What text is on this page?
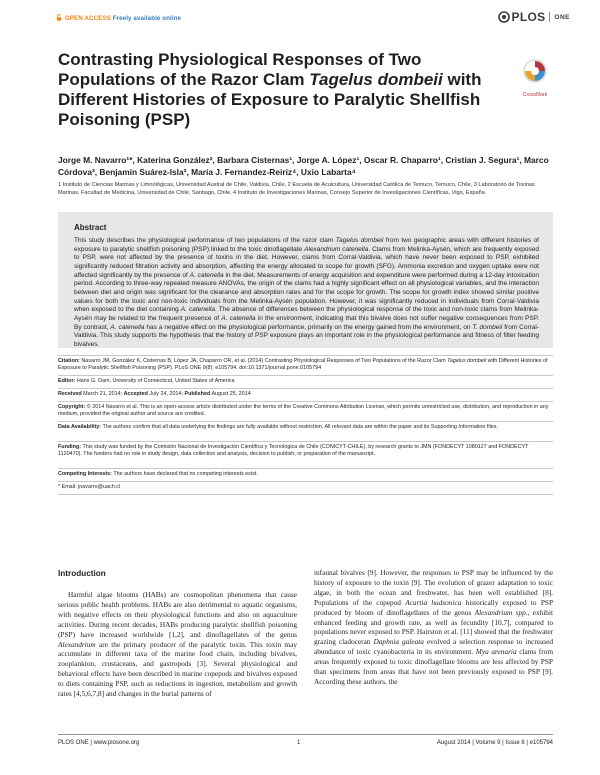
OPEN ACCESS Freely available online	PLOS ONE
Contrasting Physiological Responses of Two Populations of the Razor Clam Tagelus dombeii with Different Histories of Exposure to Paralytic Shellfish Poisoning (PSP)
CrossMark
Jorge M. Navarro¹*, Katerina González², Barbara Cisternas¹, Jorge A. López¹, Oscar R. Chaparro¹, Cristian J. Segura¹, Marco Córdova³, Benjamín Suárez-Isla³, María J. Fernandez-Reiriz⁴, Uxio Labarta⁴
1 Instituto de Ciencias Marinas y Limnológicas, Universidad Austral de Chile, Valdivia, Chile, 2 Escuela de Acuicultura, Universidad Católica de Temuco, Temuco, Chile, 3 Laboratorio de Toxinas Marinas, Facultad de Medicina, Universidad de Chile, Santiago, Chile, 4 Instituto de Investigaciones Marinas, Consejo Superior de Investigaciones Científicas, Vigo, España
Abstract
This study describes the physiological performance of two populations of the razor clam Tagelus dombeii from two geographic areas with different histories of exposure to paralytic shellfish poisoning (PSP) linked to the toxic dinoflagellate Alexandrium catenella. Clams from Melinka-Aysén, which are frequently exposed to PSP, were not affected by the presence of toxins in the diet. However, clams from Corral-Valdivia, which have never been exposed to PSP, exhibited significantly reduced filtration activity and absorption, affecting the energy allocated to scope for growth (SFG). Ammonia excretion and oxygen uptake were not affected significantly by the presence of A. catenella in the diet. Measurements of energy acquisition and expenditure were performed during a 12-day intoxication period. According to three-way repeated measure ANOVAs, the origin of the clams had a highly significant effect on all physiological variables, and the interaction between diet and origin was significant for the clearance and absorption rates and for the scope for growth. The scope for growth index showed similar positive values for both the toxic and non-toxic individuals from the Melinka-Aysén population. However, it was significantly reduced in individuals from Corral-Valdivia when exposed to the diet containing A. catenella. The absence of differences between the physiological response of the toxic and non-toxic clams from Melinka-Aysén may be related to the frequent presence of A. catenella in the environment, indicating that this bivalve does not suffer negative consequences from PSP. By contrast, A. catenella has a negative effect on the physiological performance, primarily on the energy gained from the environment, on T. dombeii from Corral-Valdivia. This study supports the hypothesis that the history of PSP exposure plays an important role in the physiological performance and fitness of filter feeding bivalves.
Citation: Navarro JM, González K, Cisternas B, López JA, Chaparro OR, et al. (2014) Contrasting Physiological Responses of Two Populations of the Razor Clam Tagelus dombeii with Different Histories of Exposure to Paralytic Shellfish Poisoning (PSP). PLoS ONE 9(8): e105794. doi:10.1371/journal.pone.0105794
Editor: Hans G. Dam, University of Connecticut, United States of America
Received March 21, 2014; Accepted July 24, 2014; Published August 25, 2014
Copyright: © 2014 Navarro et al. This is an open-access article distributed under the terms of the Creative Commons Attribution License, which permits unrestricted use, distribution, and reproduction in any medium, provided the original author and source are credited.
Data Availability: The authors confirm that all data underlying the findings are fully available without restriction. All relevant data are within the paper and its Supporting Information files.
Funding: This study was funded by the Comisión Nacional de Investigación Científica y Tecnológica de Chile (CONICYT-CHILE), by research grants to JMN (FONDECYT 1080127 and FONDECYT 1120470). The funders had no role in study design, data collection and analysis, decision to publish, or preparation of the manuscript.
Competing Interests: The authors have declared that no competing interests exist.
* Email: jnavarro@uach.cl
Introduction
Harmful algae blooms (HABs) are cosmopolitan phenomena that cause serious public health problems. HABs are also detrimental to aquatic organisms, with negative effects on their physiological functions and also on aquaculture activities. During recent decades, HABs producing paralytic shellfish poisoning (PSP) have increased worldwide [1,2], and dinoflagellates of the genus Alexandrium are the primary producer of the paralytic toxin. This toxin may accumulate in different taxa of the marine food chain, including bivalves, zooplankton, crustaceans, and gastropods [3]. Several physiological and behavioral effects have been described in marine copepods and bivalves exposed to diets containing PSP, such as reductions in ingestion, metabolism and growth rates [4,5,6,7,8] and changes in the burial patterns of
infaunal bivalves [9]. However, the responses to PSP may be influenced by the history of exposure to the toxin [9]. The evolution of grazer adaptation to toxic algae, in both the ocean and freshwater, has been well established [8]. Populations of the copepod Acartia hudsonica historically exposed to PSP produced by bloom of dinoflagellates of the genus Alexandrium spp., exhibit enhanced feeding and growth rate, as well as fecundity [10,7], compared to populations never exposed to PSP. Hairston et al. [11] showed that the freshwater grazing cladoceran Daphnia galeata evolved a selection response to increased abundance of toxic cyanobacteria in its environment. Mya arenaria clams from areas frequently exposed to toxic dinoflagellate blooms are less affected by PSP than specimens from areas that have not been previously exposed to PSP [9]. According these authors, the
PLOS ONE | www.plosone.org	1	August 2014 | Volume 9 | Issue 8 | e105794
